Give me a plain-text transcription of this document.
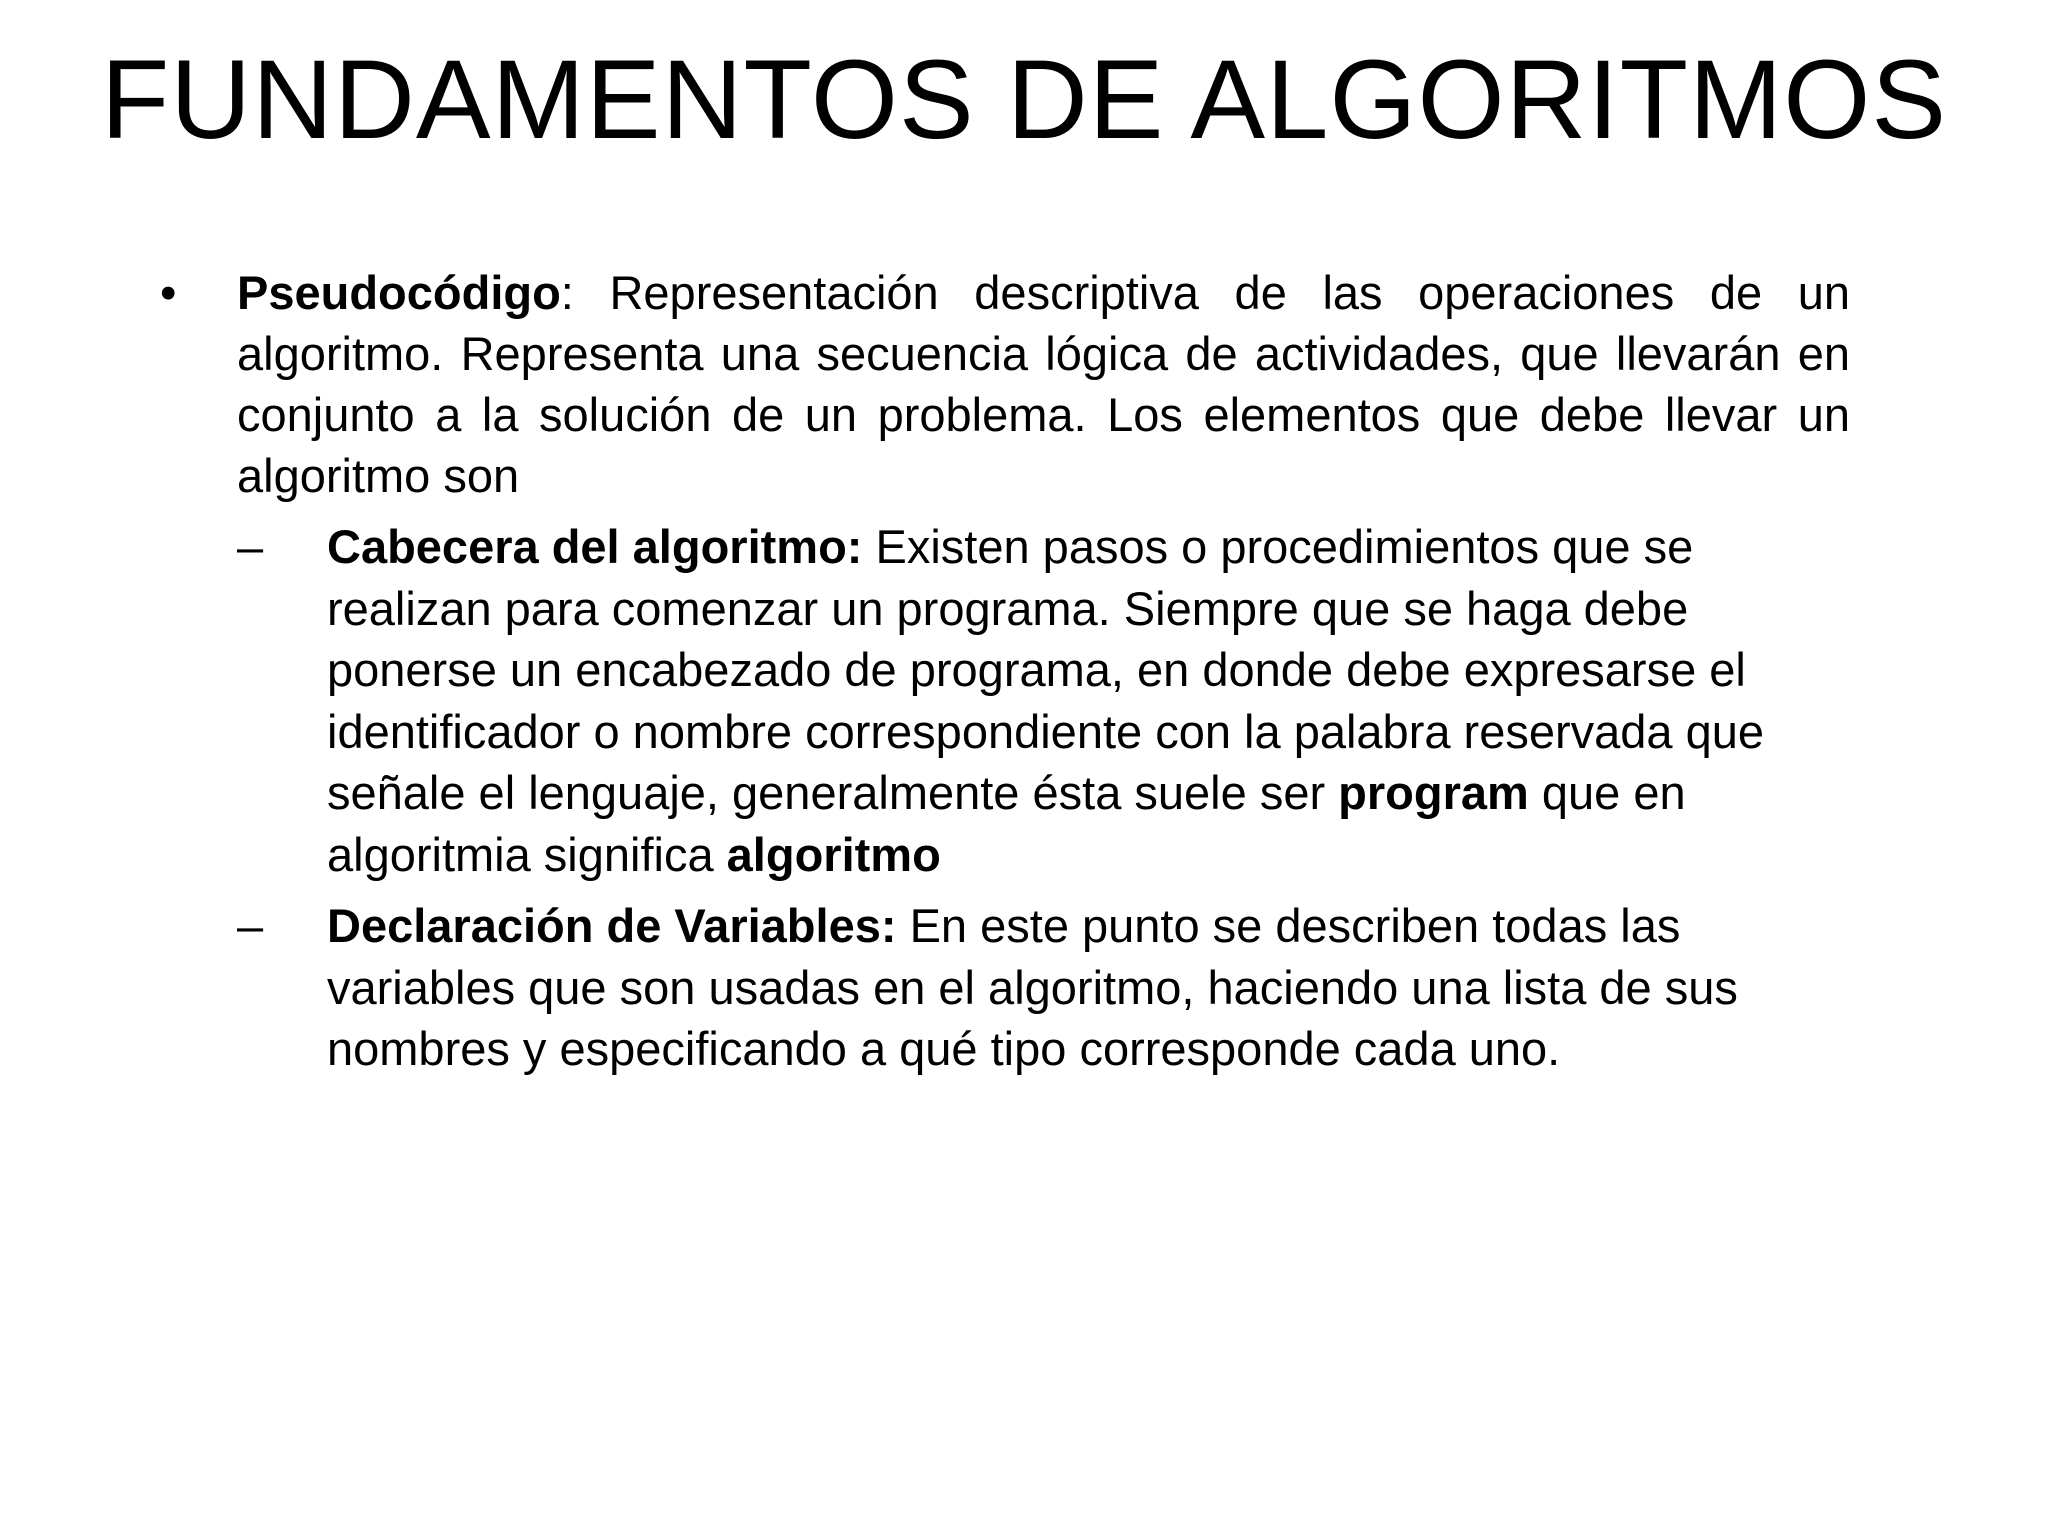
FUNDAMENTOS DE ALGORITMOS
• Pseudocódigo: Representación descriptiva de las operaciones de un algoritmo. Representa una secuencia lógica de actividades, que llevarán en conjunto a la solución de un problema. Los elementos que debe llevar un algoritmo son
– Cabecera del algoritmo: Existen pasos o procedimientos que se realizan para comenzar un programa. Siempre que se haga debe ponerse un encabezado de programa, en donde debe expresarse el identificador o nombre correspondiente con la palabra reservada que señale el lenguaje, generalmente ésta suele ser program que en algoritmia significa algoritmo
– Declaración de Variables: En este punto se describen todas las variables que son usadas en el algoritmo, haciendo una lista de sus nombres y especificando a qué tipo corresponde cada uno.
